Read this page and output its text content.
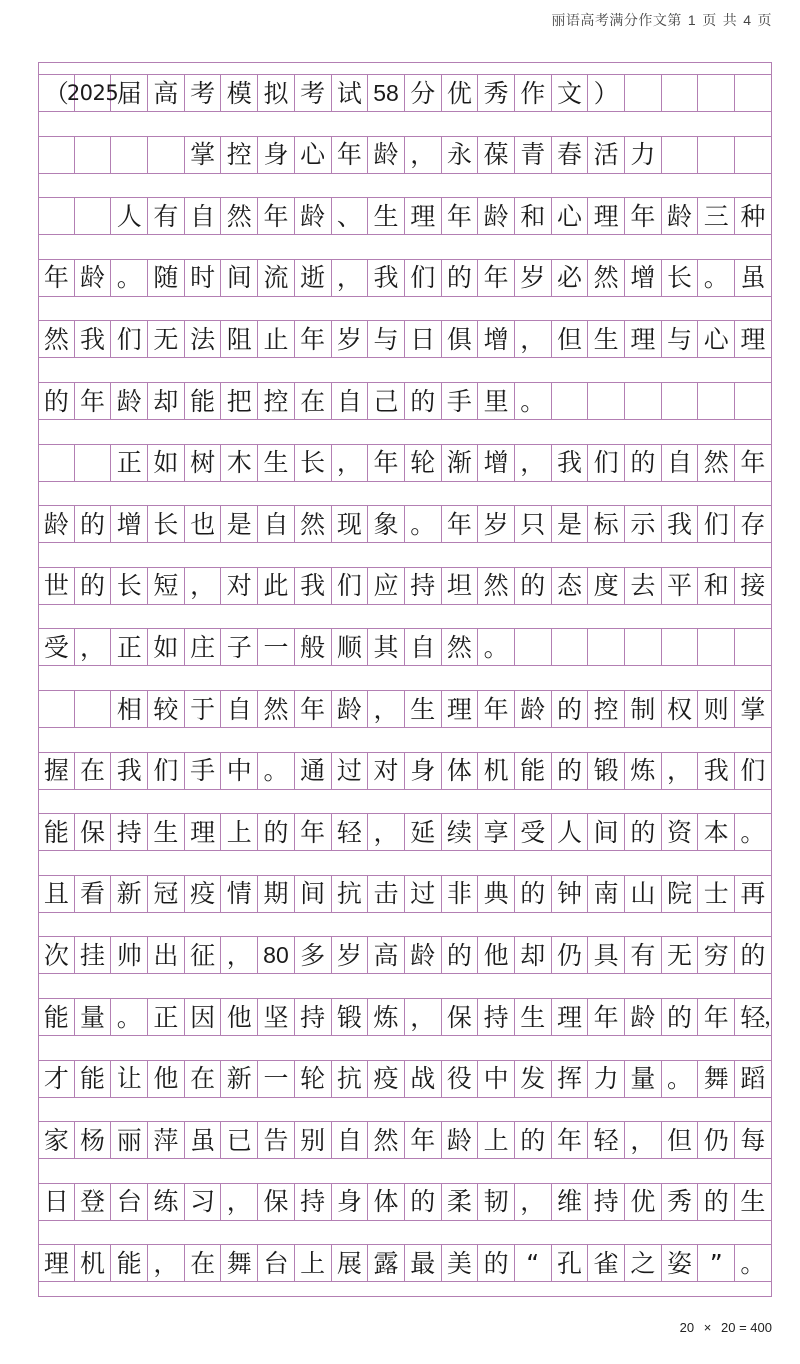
丽语高考满分作文第 1 页 共 4 页
（
2025
届 高 考 模 拟 考 试 58 分 优 秀 作 文 ）
掌 控 身 心 年 龄 ， 永 葆 青 春 活 力
人 有 自 然 年 龄 、 生 理 年 龄 和 心 理 年 龄 三 种
年 龄 。 随 时 间 流 逝 ， 我 们 的 年 岁 必 然 增 长 。 虽
然 我 们 无 法 阻 止 年 岁 与 日 俱 增 ， 但 生 理 与 心 理
的 年 龄 却 能 把 控 在 自 己 的 手 里 。
正 如 树 木 生 长 ， 年 轮 渐 增 ， 我 们 的 自 然 年
龄 的 增 长 也 是 自 然 现 象 。 年 岁 只 是 标 示 我 们 存
世 的 长 短 ， 对 此 我 们 应 持 坦 然 的 态 度 去 平 和 接
受 ， 正 如 庄 子 一 般 顺 其 自 然 。
相 较 于 自 然 年 龄 ， 生 理 年 龄 的 控 制 权 则 掌
握 在 我 们 手 中 。 通 过 对 身 体 机 能 的 锻 炼 ， 我 们
能 保 持 生 理 上 的 年 轻 ， 延 续 享 受 人 间 的 资 本 。
且 看 新 冠 疫 情 期 间 抗 击 过 非 典 的 钟 南 山 院 士 再
次 挂 帅 出 征 ， 80 多 岁 高 龄 的 他 却 仍 具 有 无 穷 的
能 量 。 正 因 他 坚 持 锻 炼 ， 保 持 生 理 年 龄 的 年 轻
，
才 能 让 他 在 新 一 轮 抗 疫 战 役 中 发 挥 力 量 。 舞 蹈
家 杨 丽 萍 虽 已 告 别 自 然 年 龄 上 的 年 轻 ， 但 仍 每
日 登 台 练 习 ， 保 持 身 体 的 柔 韧 ， 维 持 优 秀 的 生
理 机 能 ， 在 舞 台 上 展 露 最 美 的 “ 孔 雀 之 姿 ” 。
20 × 20 = 400
